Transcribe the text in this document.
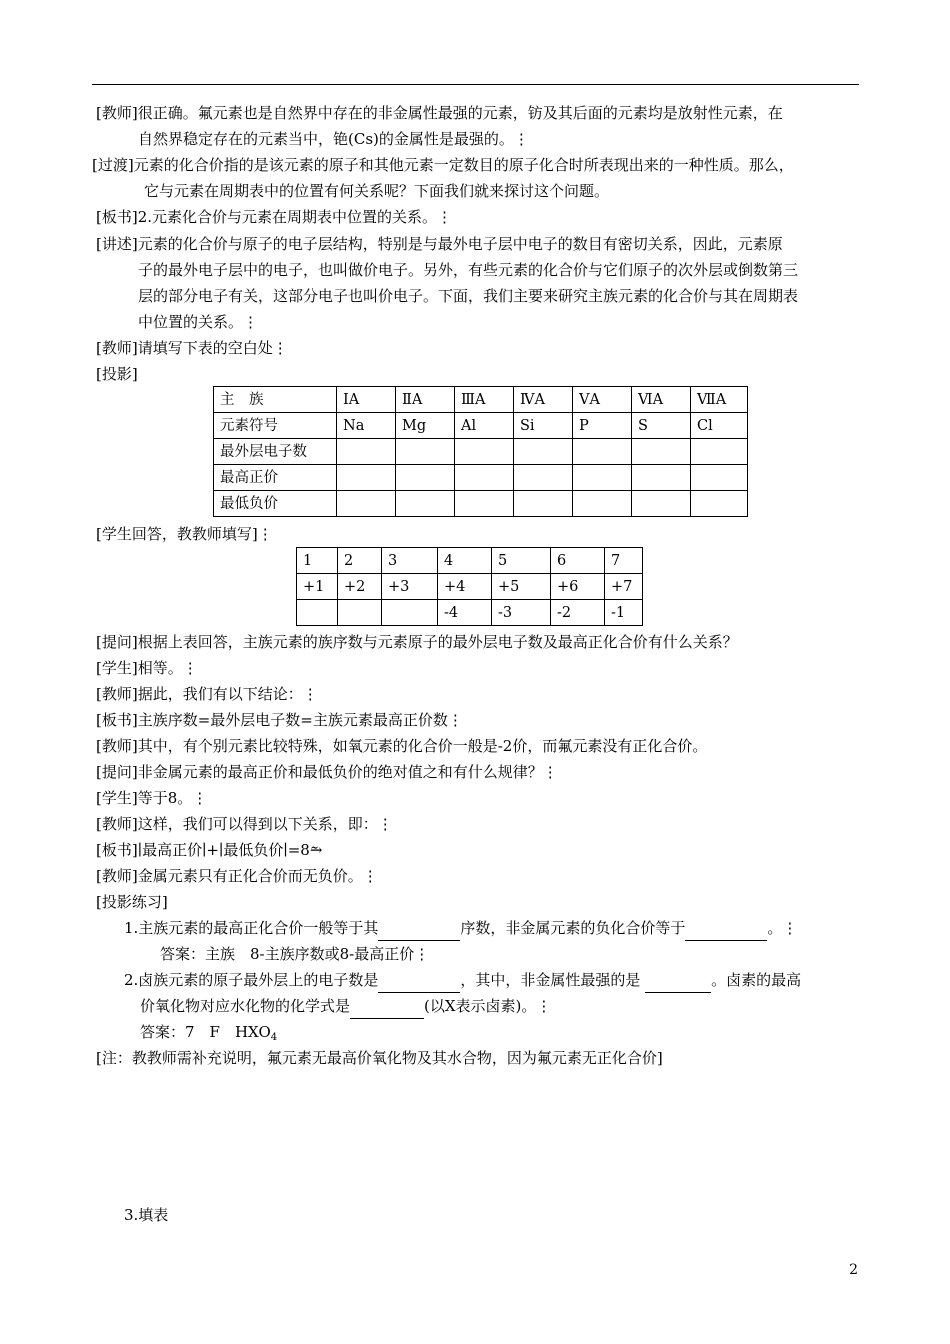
[教师]很正确。氟元素也是自然界中存在的非金属性最强的元素，钫及其后面的元素均是放射性元素，在
自然界稳定存在的元素当中，铯(Cs)的金属性是最强的。⋮
[过渡]元素的化合价指的是该元素的原子和其他元素一定数目的原子化合时所表现出来的一种性质。那么，
它与元素在周期表中的位置有何关系呢？下面我们就来探讨这个问题。
[板书]2.元素化合价与元素在周期表中位置的关系。⋮
[讲述]元素的化合价与原子的电子层结构，特别是与最外电子层中电子的数目有密切关系，因此，元素原
子的最外电子层中的电子，也叫做价电子。另外，有些元素的化合价与它们原子的次外层或倒数第三
层的部分电子有关，这部分电子也叫价电子。下面，我们主要来研究主族元素的化合价与其在周期表
中位置的关系。⋮
[教师]请填写下表的空白处⋮
[投影]
主　族	ⅠA	ⅡA	ⅢA	ⅣA	ⅤA	ⅥA	ⅦA
元素符号	Na	Mg	Al	Si	P	S	Cl
最外层电子数							
最高正价							
最低负价							
[学生回答，教教师填写]⋮
1	2	3	4	5	6	7
+1	+2	+3	+4	+5	+6	+7
			-4	-3	-2	-1
[提问]根据上表回答，主族元素的族序数与元素原子的最外层电子数及最高正化合价有什么关系？
[学生]相等。⋮
[教师]据此，我们有以下结论：⋮
[板书]主族序数=最外层电子数=主族元素最高正价数⋮
[教师]其中，有个别元素比较特殊，如氧元素的化合价一般是-2价，而氟元素没有正化合价。
[提问]非金属元素的最高正价和最低负价的绝对值之和有什么规律？⋮
[学生]等于8。⋮
[教师]这样，我们可以得到以下关系，即：⋮
[板书]∣最高正价∣+∣最低负价∣=8⥲
[教师]金属元素只有正化合价而无负价。⋮
[投影练习]
1.主族元素的最高正化合价一般等于其	序数，非金属元素的负化合价等于	。⋮
答案：主族　8-主族序数或8-最高正价⋮
2.卤族元素的原子最外层上的电子数是	，其中，非金属性最强的是	。卤素的最高
价氧化物对应水化物的化学式是	(以X表示卤素)。⋮
答案：7　F　$HXO_4$
[注：教教师需补充说明，氟元素无最高价氧化物及其水合物，因为氟元素无正化合价]
3.填表
2
